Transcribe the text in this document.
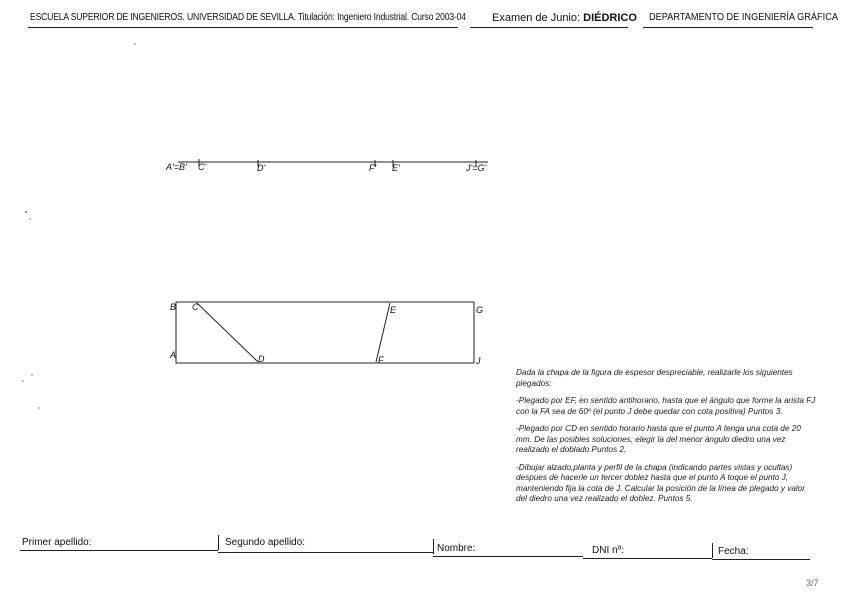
ESCUELA SUPERIOR DE INGENIEROS. UNIVERSIDAD DE SEVILLA. Titulación: Ingeniero Industrial. Curso 2003-04 Examen de Junio: DIÉDRICO DEPARTAMENTO DE INGENIERÍA GRÁFICA
A'=B' C'	D'	F' E'	J'=G'
B C	E	G
A	D	F	J

Dada la chapa de la figura de espesor despreciable, realizarle los siguientes plegados:

-Plegado por EF, en sentido antihorario, hasta que el ángulo que forme la arista FJ con la FA sea de 60º (el punto J debe quedar con cota positiva) Puntos 3.

-Plegado por CD en sentido horario hasta que el punto A tenga una cota de 20 mm. De las posibles soluciones, elegir la del menor ángulo diedro una vez realizado el doblado.Puntos 2.

-Dibujar alzado,planta y perfil de la chapa (indicando partes vistas y ocultas) despues de hacerle un tercer doblez hasta que el punto A toque el punto J, manteniendo fija la cota de J. Calcular la posición de la línea de plegado y valor del diedro una vez realizado el doblez. Puntos 5.

Primer apellido:	Segundo apellido:
Nombre:	DNI nº:	Fecha:
3/7
